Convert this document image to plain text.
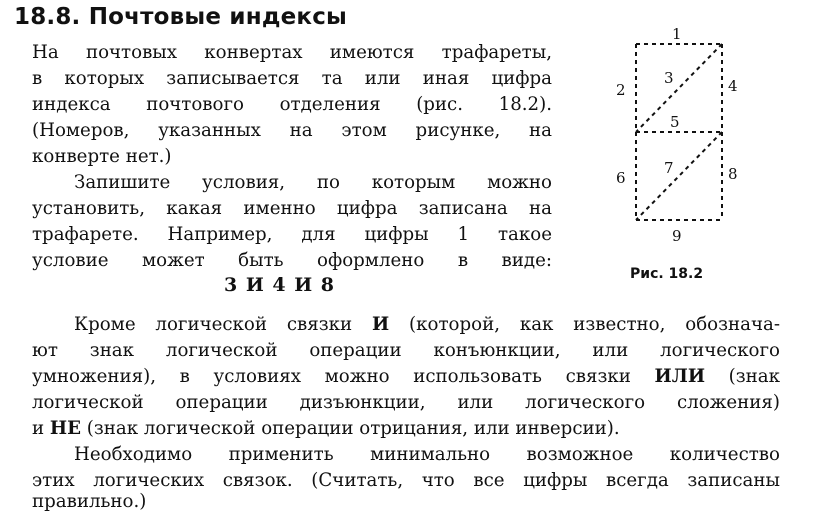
18.8. Почтовые индексы
На почтовых конвертах имеются трафареты,
в которых записывается та или иная цифра
индекса почтового отделения (рис. 18.2).
(Номеров, указанных на этом рисунке, на
конверте нет.)
Запишите условия, по которым можно
установить, какая именно цифра записана на
трафарете. Например, для цифры 1 такое
условие может быть оформлено в виде:
3 И 4 И 8
1
2
3	4
5
6
7	8
9
Рис. 18.2
Кроме логической связки И (которой, как известно, обознача-
ют знак логической операции конъюнкции, или логического
умножения), в условиях можно использовать связки ИЛИ (знак
логической операции дизъюнкции, или логического сложения)
и НЕ (знак логической операции отрицания, или инверсии).
Необходимо применить минимально возможное количество
этих логических связок. (Считать, что все цифры всегда записаны
правильно.)
